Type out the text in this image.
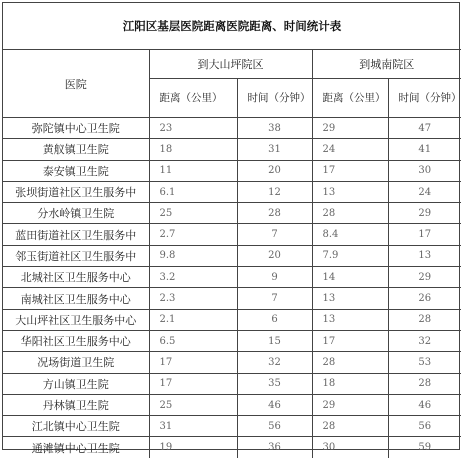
江阳区基层医院距离医院距离、时间统计表				
医院	到大山坪院区		到城南院区	
	距离（公里）	时间（分钟）	距离（公里）	时间（分钟）
弥陀镇中心卫生院	23	38	29	47
黄舣镇卫生院	18	31	24	41
泰安镇卫生院	11	20	17	30
张坝街道社区卫生服务中	6.1	12	13	24
分水岭镇卫生院	25	28	28	29
蓝田街道社区卫生服务中	2.7	7	8.4	17
邻玉街道社区卫生服务中	9.8	20	7.9	13
北城社区卫生服务中心	3.2	9	14	29
南城社区卫生服务中心	2.3	7	13	26
大山坪社区卫生服务中心	2.1	6	13	28
华阳社区卫生服务中心	6.5	15	17	32
况场街道卫生院	17	32	28	53
方山镇卫生院	17	35	18	28
丹林镇卫生院	25	46	29	46
江北镇中心卫生院	31	56	28	56
通滩镇中心卫生院	19	36	30	59
